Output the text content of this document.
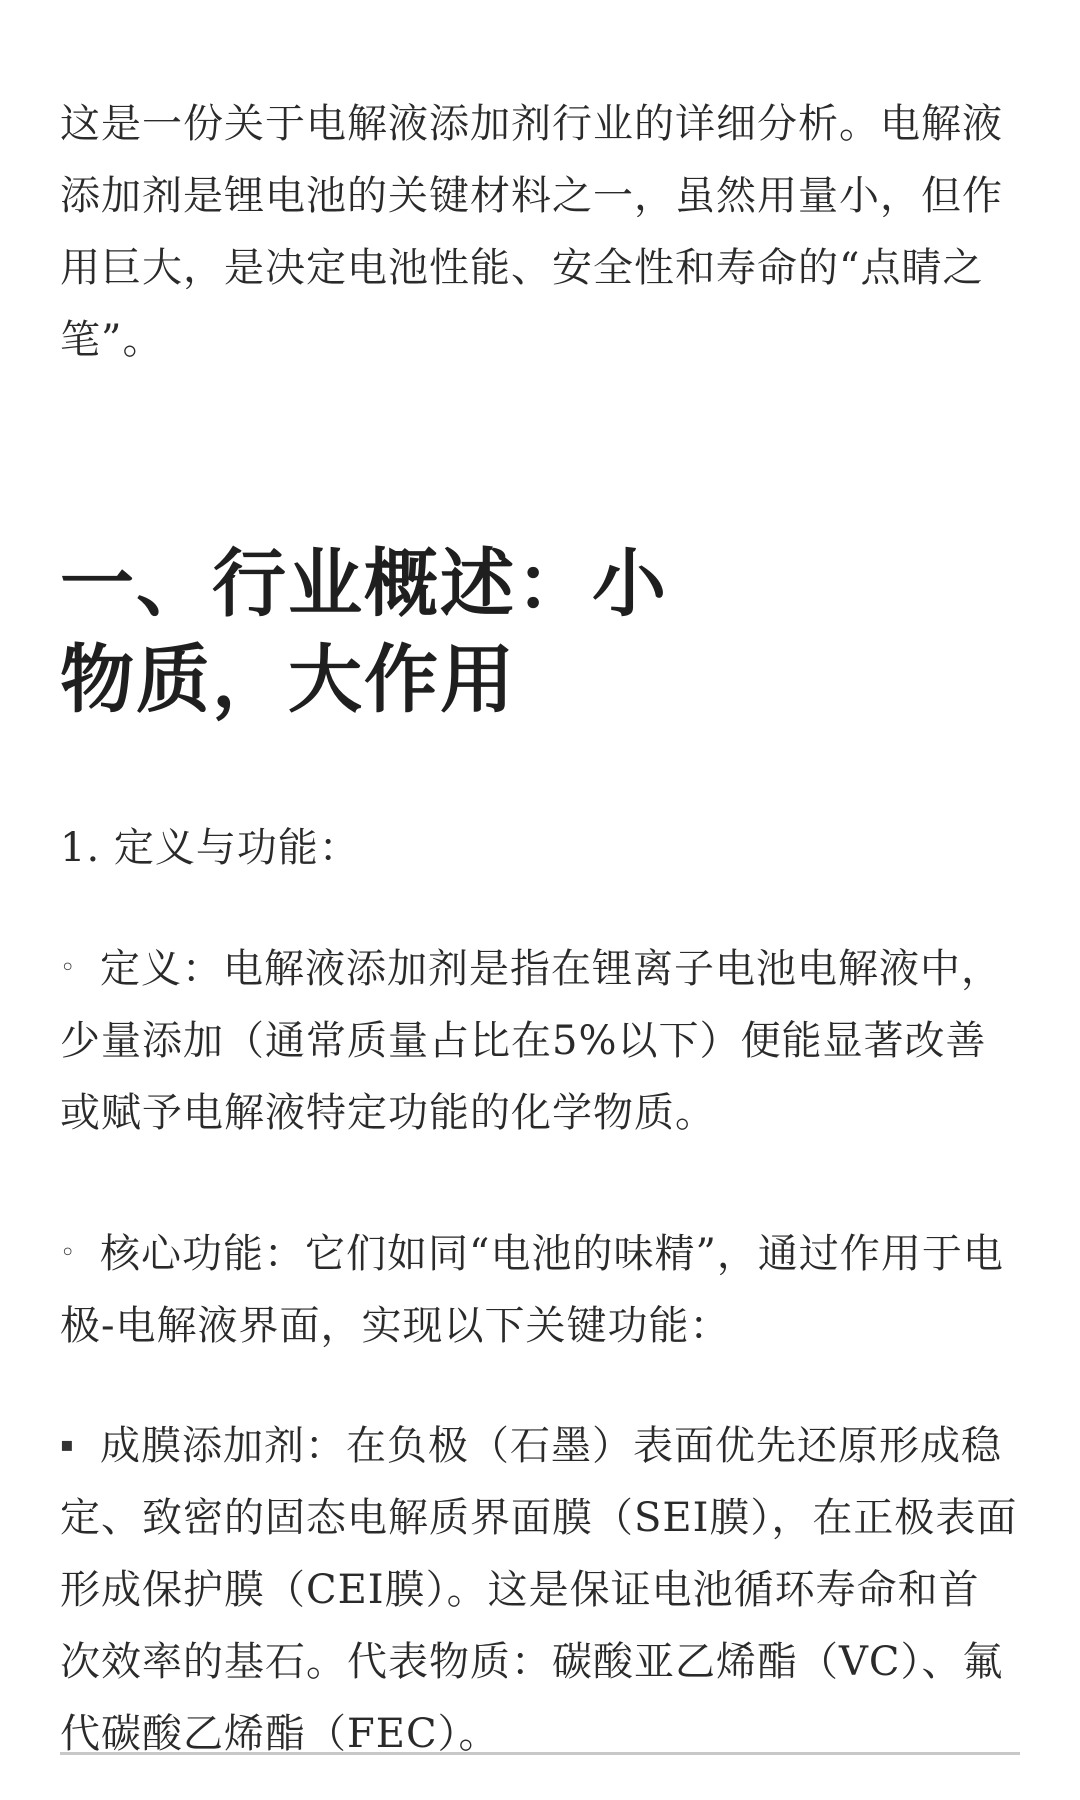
这是一份关于电解液添加剂行业的详细分析。电解液添加剂是锂电池的关键材料之一，虽然用量小，但作用巨大，是决定电池性能、安全性和寿命的“点睛之笔”。

一、行业概述：小物质，大作用

1. 定义与功能：

◦ 定义：电解液添加剂是指在锂离子电池电解液中，少量添加（通常质量占比在5%以下）便能显著改善或赋予电解液特定功能的化学物质。

◦ 核心功能：它们如同“电池的味精”，通过作用于电极-电解液界面，实现以下关键功能：

▪ 成膜添加剂：在负极（石墨）表面优先还原形成稳定、致密的固态电解质界面膜（SEI膜），在正极表面形成保护膜（CEI膜）。这是保证电池循环寿命和首次效率的基石。代表物质：碳酸亚乙烯酯（VC）、氟代碳酸乙烯酯（FEC）。
